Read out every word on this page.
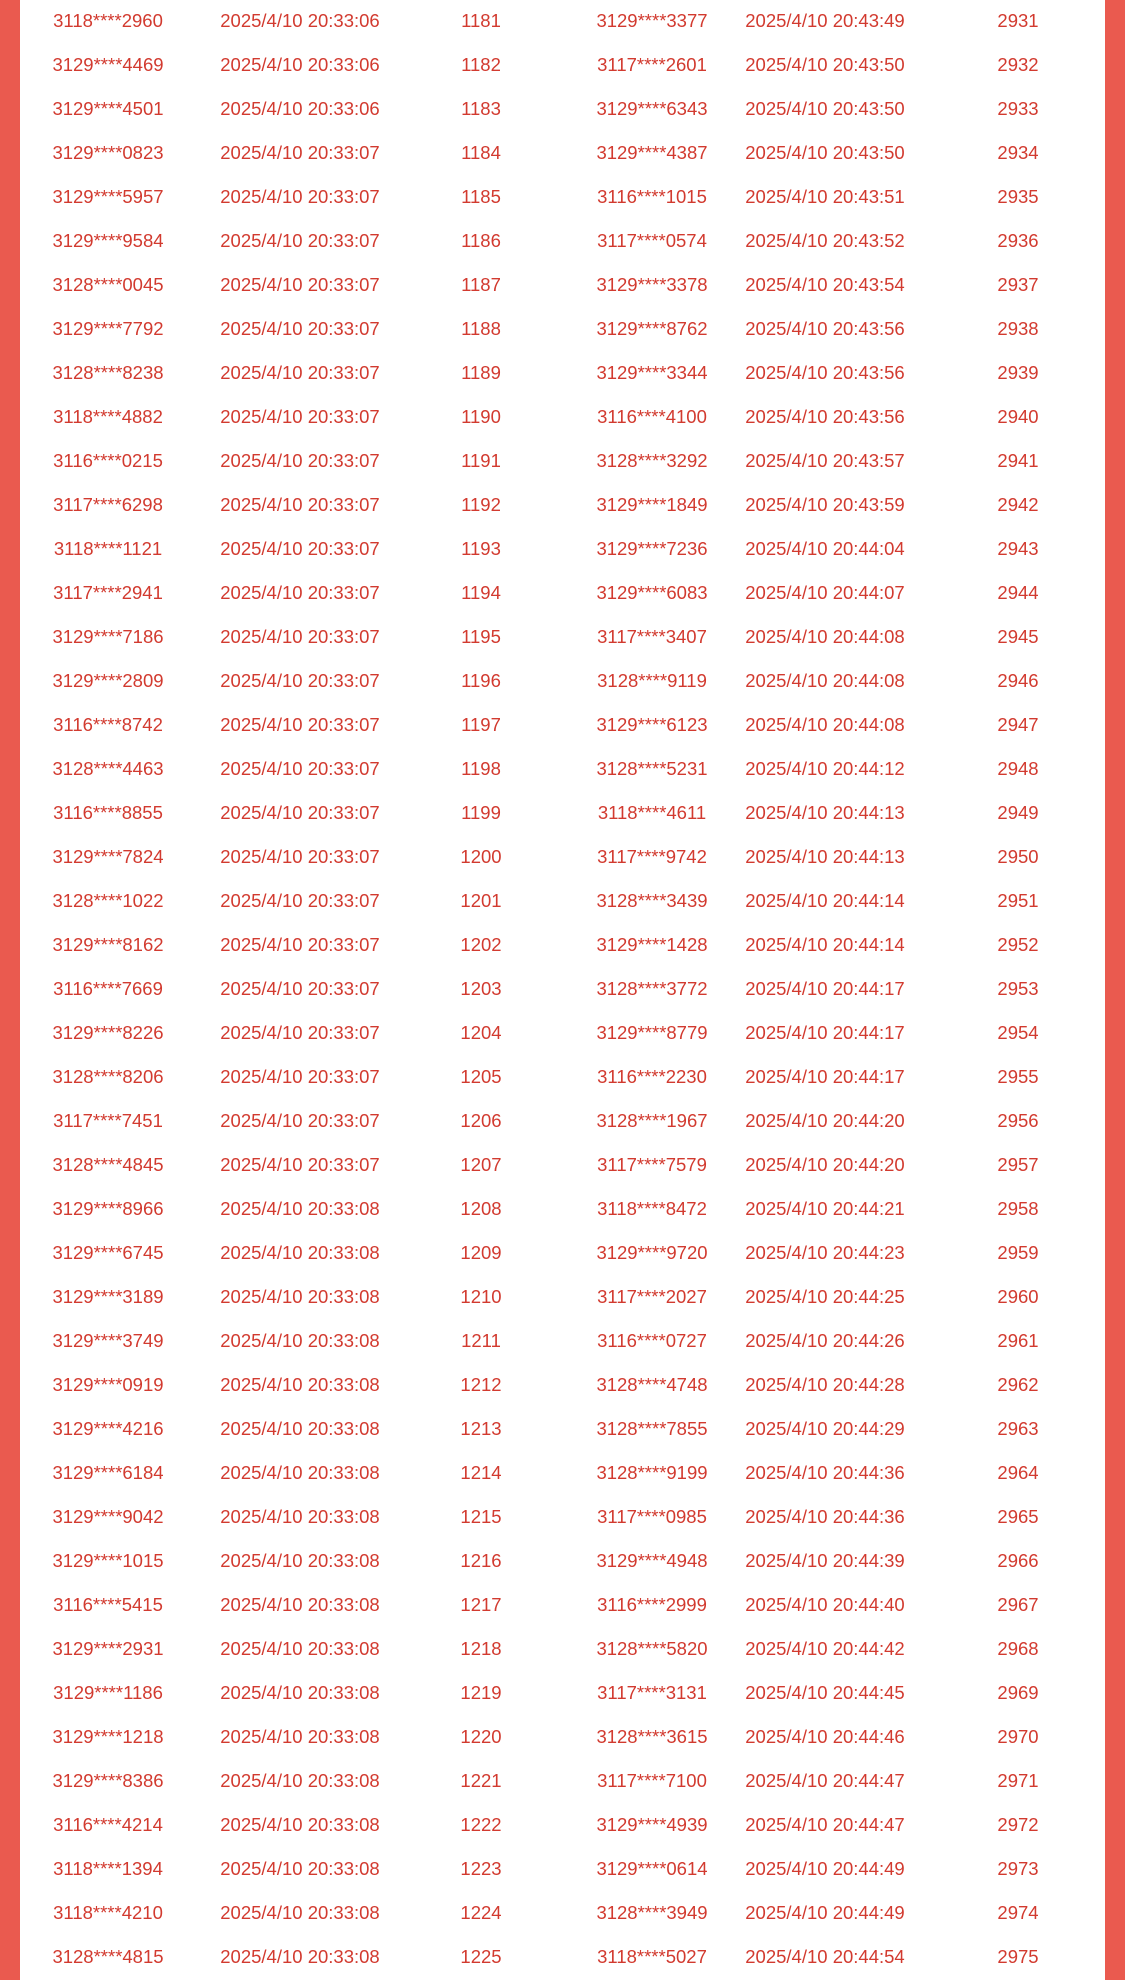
3118****2960	2025/4/10 20:33:06	1181	3129****3377	2025/4/10 20:43:49	2931
3129****4469	2025/4/10 20:33:06	1182	3117****2601	2025/4/10 20:43:50	2932
3129****4501	2025/4/10 20:33:06	1183	3129****6343	2025/4/10 20:43:50	2933
3129****0823	2025/4/10 20:33:07	1184	3129****4387	2025/4/10 20:43:50	2934
3129****5957	2025/4/10 20:33:07	1185	3116****1015	2025/4/10 20:43:51	2935
3129****9584	2025/4/10 20:33:07	1186	3117****0574	2025/4/10 20:43:52	2936
3128****0045	2025/4/10 20:33:07	1187	3129****3378	2025/4/10 20:43:54	2937
3129****7792	2025/4/10 20:33:07	1188	3129****8762	2025/4/10 20:43:56	2938
3128****8238	2025/4/10 20:33:07	1189	3129****3344	2025/4/10 20:43:56	2939
3118****4882	2025/4/10 20:33:07	1190	3116****4100	2025/4/10 20:43:56	2940
3116****0215	2025/4/10 20:33:07	1191	3128****3292	2025/4/10 20:43:57	2941
3117****6298	2025/4/10 20:33:07	1192	3129****1849	2025/4/10 20:43:59	2942
3118****1121	2025/4/10 20:33:07	1193	3129****7236	2025/4/10 20:44:04	2943
3117****2941	2025/4/10 20:33:07	1194	3129****6083	2025/4/10 20:44:07	2944
3129****7186	2025/4/10 20:33:07	1195	3117****3407	2025/4/10 20:44:08	2945
3129****2809	2025/4/10 20:33:07	1196	3128****9119	2025/4/10 20:44:08	2946
3116****8742	2025/4/10 20:33:07	1197	3129****6123	2025/4/10 20:44:08	2947
3128****4463	2025/4/10 20:33:07	1198	3128****5231	2025/4/10 20:44:12	2948
3116****8855	2025/4/10 20:33:07	1199	3118****4611	2025/4/10 20:44:13	2949
3129****7824	2025/4/10 20:33:07	1200	3117****9742	2025/4/10 20:44:13	2950
3128****1022	2025/4/10 20:33:07	1201	3128****3439	2025/4/10 20:44:14	2951
3129****8162	2025/4/10 20:33:07	1202	3129****1428	2025/4/10 20:44:14	2952
3116****7669	2025/4/10 20:33:07	1203	3128****3772	2025/4/10 20:44:17	2953
3129****8226	2025/4/10 20:33:07	1204	3129****8779	2025/4/10 20:44:17	2954
3128****8206	2025/4/10 20:33:07	1205	3116****2230	2025/4/10 20:44:17	2955
3117****7451	2025/4/10 20:33:07	1206	3128****1967	2025/4/10 20:44:20	2956
3128****4845	2025/4/10 20:33:07	1207	3117****7579	2025/4/10 20:44:20	2957
3129****8966	2025/4/10 20:33:08	1208	3118****8472	2025/4/10 20:44:21	2958
3129****6745	2025/4/10 20:33:08	1209	3129****9720	2025/4/10 20:44:23	2959
3129****3189	2025/4/10 20:33:08	1210	3117****2027	2025/4/10 20:44:25	2960
3129****3749	2025/4/10 20:33:08	1211	3116****0727	2025/4/10 20:44:26	2961
3129****0919	2025/4/10 20:33:08	1212	3128****4748	2025/4/10 20:44:28	2962
3129****4216	2025/4/10 20:33:08	1213	3128****7855	2025/4/10 20:44:29	2963
3129****6184	2025/4/10 20:33:08	1214	3128****9199	2025/4/10 20:44:36	2964
3129****9042	2025/4/10 20:33:08	1215	3117****0985	2025/4/10 20:44:36	2965
3129****1015	2025/4/10 20:33:08	1216	3129****4948	2025/4/10 20:44:39	2966
3116****5415	2025/4/10 20:33:08	1217	3116****2999	2025/4/10 20:44:40	2967
3129****2931	2025/4/10 20:33:08	1218	3128****5820	2025/4/10 20:44:42	2968
3129****1186	2025/4/10 20:33:08	1219	3117****3131	2025/4/10 20:44:45	2969
3129****1218	2025/4/10 20:33:08	1220	3128****3615	2025/4/10 20:44:46	2970
3129****8386	2025/4/10 20:33:08	1221	3117****7100	2025/4/10 20:44:47	2971
3116****4214	2025/4/10 20:33:08	1222	3129****4939	2025/4/10 20:44:47	2972
3118****1394	2025/4/10 20:33:08	1223	3129****0614	2025/4/10 20:44:49	2973
3118****4210	2025/4/10 20:33:08	1224	3128****3949	2025/4/10 20:44:49	2974
3128****4815	2025/4/10 20:33:08	1225	3118****5027	2025/4/10 20:44:54	2975
